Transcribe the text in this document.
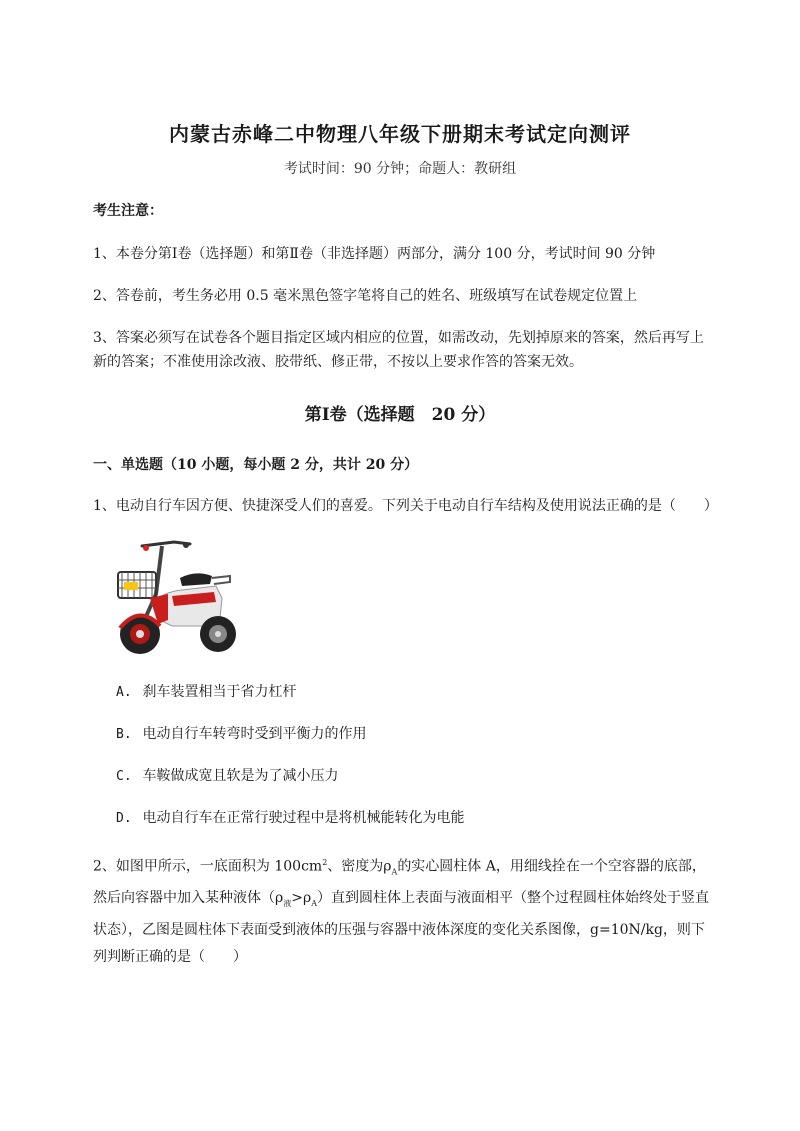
内蒙古赤峰二中物理八年级下册期末考试定向测评
考试时间：90 分钟；命题人：教研组
考生注意：
1、本卷分第Ⅰ卷（选择题）和第Ⅱ卷（非选择题）两部分，满分 100 分，考试时间 90 分钟
2、答卷前，考生务必用 0.5 毫米黑色签字笔将自己的姓名、班级填写在试卷规定位置上
3、答案必须写在试卷各个题目指定区域内相应的位置，如需改动，先划掉原来的答案，然后再写上新的答案；不准使用涂改液、胶带纸、修正带，不按以上要求作答的答案无效。
第Ⅰ卷（选择题　20 分）
一、单选题（10 小题，每小题 2 分，共计 20 分）
1、电动自行车因方便、快捷深受人们的喜爱。下列关于电动自行车结构及使用说法正确的是（　　）
A. 刹车装置相当于省力杠杆
B. 电动自行车转弯时受到平衡力的作用
C. 车鞍做成宽且软是为了减小压力
D. 电动自行车在正常行驶过程中是将机械能转化为电能
2、如图甲所示，一底面积为 $100cm^2$、密度为$\rho_A$的实心圆柱体 A，用细线拴在一个空容器的底部，然后向容器中加入某种液体$(\rho_液>\rho_A)$直到圆柱体上表面与液面相平（整个过程圆柱体始终处于竖直状态），乙图是圆柱体下表面受到液体的压强与容器中液体深度的变化关系图像，g=10N/kg，则下列判断正确的是（　　）
